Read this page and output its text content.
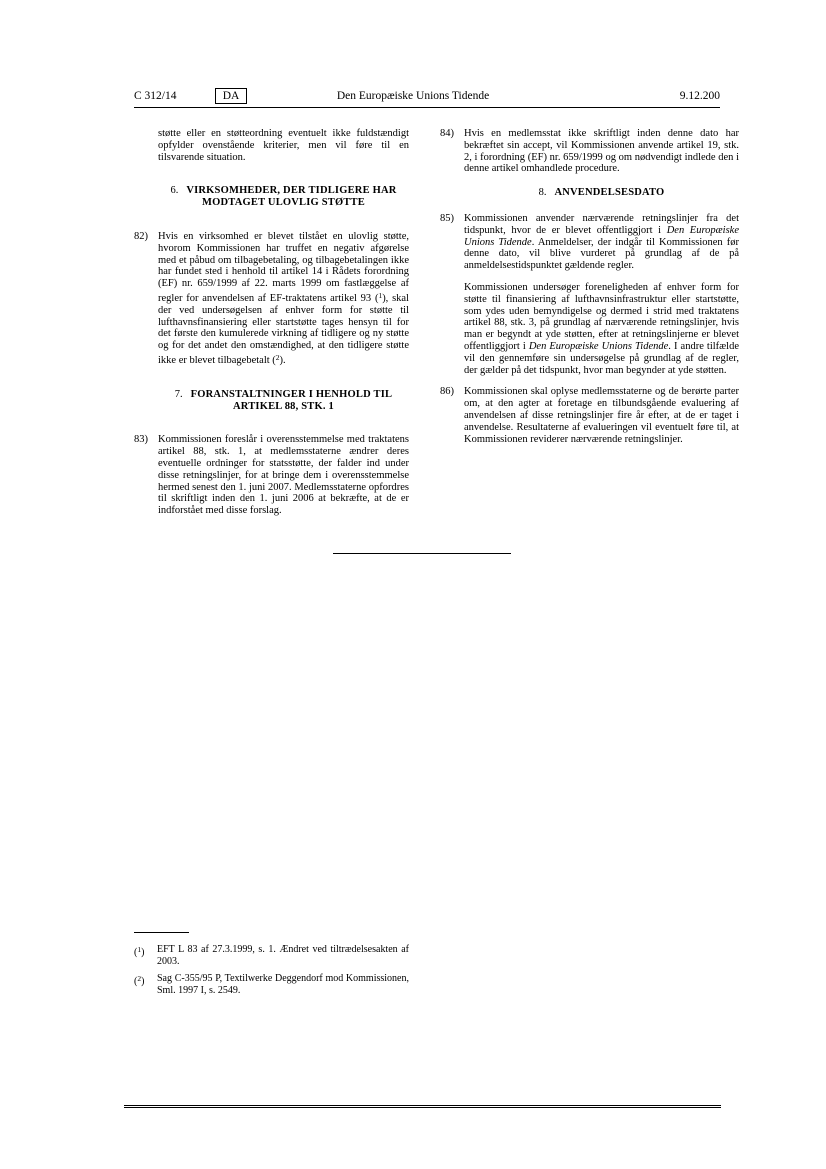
C 312/14	DA	Den Europæiske Unions Tidende	9.12.200
støtte eller en støtteordning eventuelt ikke fuldstændigt opfylder ovenstående kriterier, men vil føre til en tilsvarende situation.
6. VIRKSOMHEDER, DER TIDLIGERE HAR MODTAGET ULOVLIG STØTTE
82) Hvis en virksomhed er blevet tilstået en ulovlig støtte, hvorom Kommissionen har truffet en negativ afgørelse med et påbud om tilbagebetaling, og tilbagebetalingen ikke har fundet sted i henhold til artikel 14 i Rådets forordning (EF) nr. 659/1999 af 22. marts 1999 om fastlæggelse af regler for anvendelsen af EF-traktatens artikel 93 ($^1$), skal der ved undersøgelsen af enhver form for støtte til lufthavnsfinansiering eller startstøtte tages hensyn til for det første den kumulerede virkning af tidligere og ny støtte og for det andet den omstændighed, at den tidligere støtte ikke er blevet tilbagebetalt ($^2$).
7. FORANSTALTNINGER I HENHOLD TIL ARTIKEL 88, STK. 1
83) Kommissionen foreslår i overensstemmelse med traktatens artikel 88, stk. 1, at medlemsstaterne ændrer deres eventuelle ordninger for statsstøtte, der falder ind under disse retningslinjer, for at bringe dem i overensstemmelse hermed senest den 1. juni 2007. Medlemsstaterne opfordres til skriftligt inden den 1. juni 2006 at bekræfte, at de er indforstået med disse forslag.
84) Hvis en medlemsstat ikke skriftligt inden denne dato har bekræftet sin accept, vil Kommissionen anvende artikel 19, stk. 2, i forordning (EF) nr. 659/1999 og om nødvendigt indlede den i denne artikel omhandlede procedure.
8. ANVENDELSESDATO
85) Kommissionen anvender nærværende retningslinjer fra det tidspunkt, hvor de er blevet offentliggjort i Den Europæiske Unions Tidende. Anmeldelser, der indgår til Kommissionen før denne dato, vil blive vurderet på grundlag af de på anmeldelsestidspunktet gældende regler.
Kommissionen undersøger foreneligheden af enhver form for støtte til finansiering af lufthavnsinfrastruktur eller startstøtte, som ydes uden bemyndigelse og dermed i strid med traktatens artikel 88, stk. 3, på grundlag af nærværende retningslinjer, hvis man er begyndt at yde støtten, efter at retningslinjerne er blevet offentliggjort i Den Europæiske Unions Tidende. I andre tilfælde vil den gennemføre sin undersøgelse på grundlag af de regler, der gælder på det tidspunkt, hvor man begynder at yde støtten.
86) Kommissionen skal oplyse medlemsstaterne og de berørte parter om, at den agter at foretage en tilbundsgående evaluering af anvendelsen af disse retningslinjer fire år efter, at de er taget i anvendelse. Resultaterne af evalueringen vil eventuelt føre til, at Kommissionen reviderer nærværende retningslinjer.
($^1$) EFT L 83 af 27.3.1999, s. 1. Ændret ved tiltrædelsesakten af 2003.
($^2$) Sag C-355/95 P, Textilwerke Deggendorf mod Kommissionen, Sml. 1997 I, s. 2549.
